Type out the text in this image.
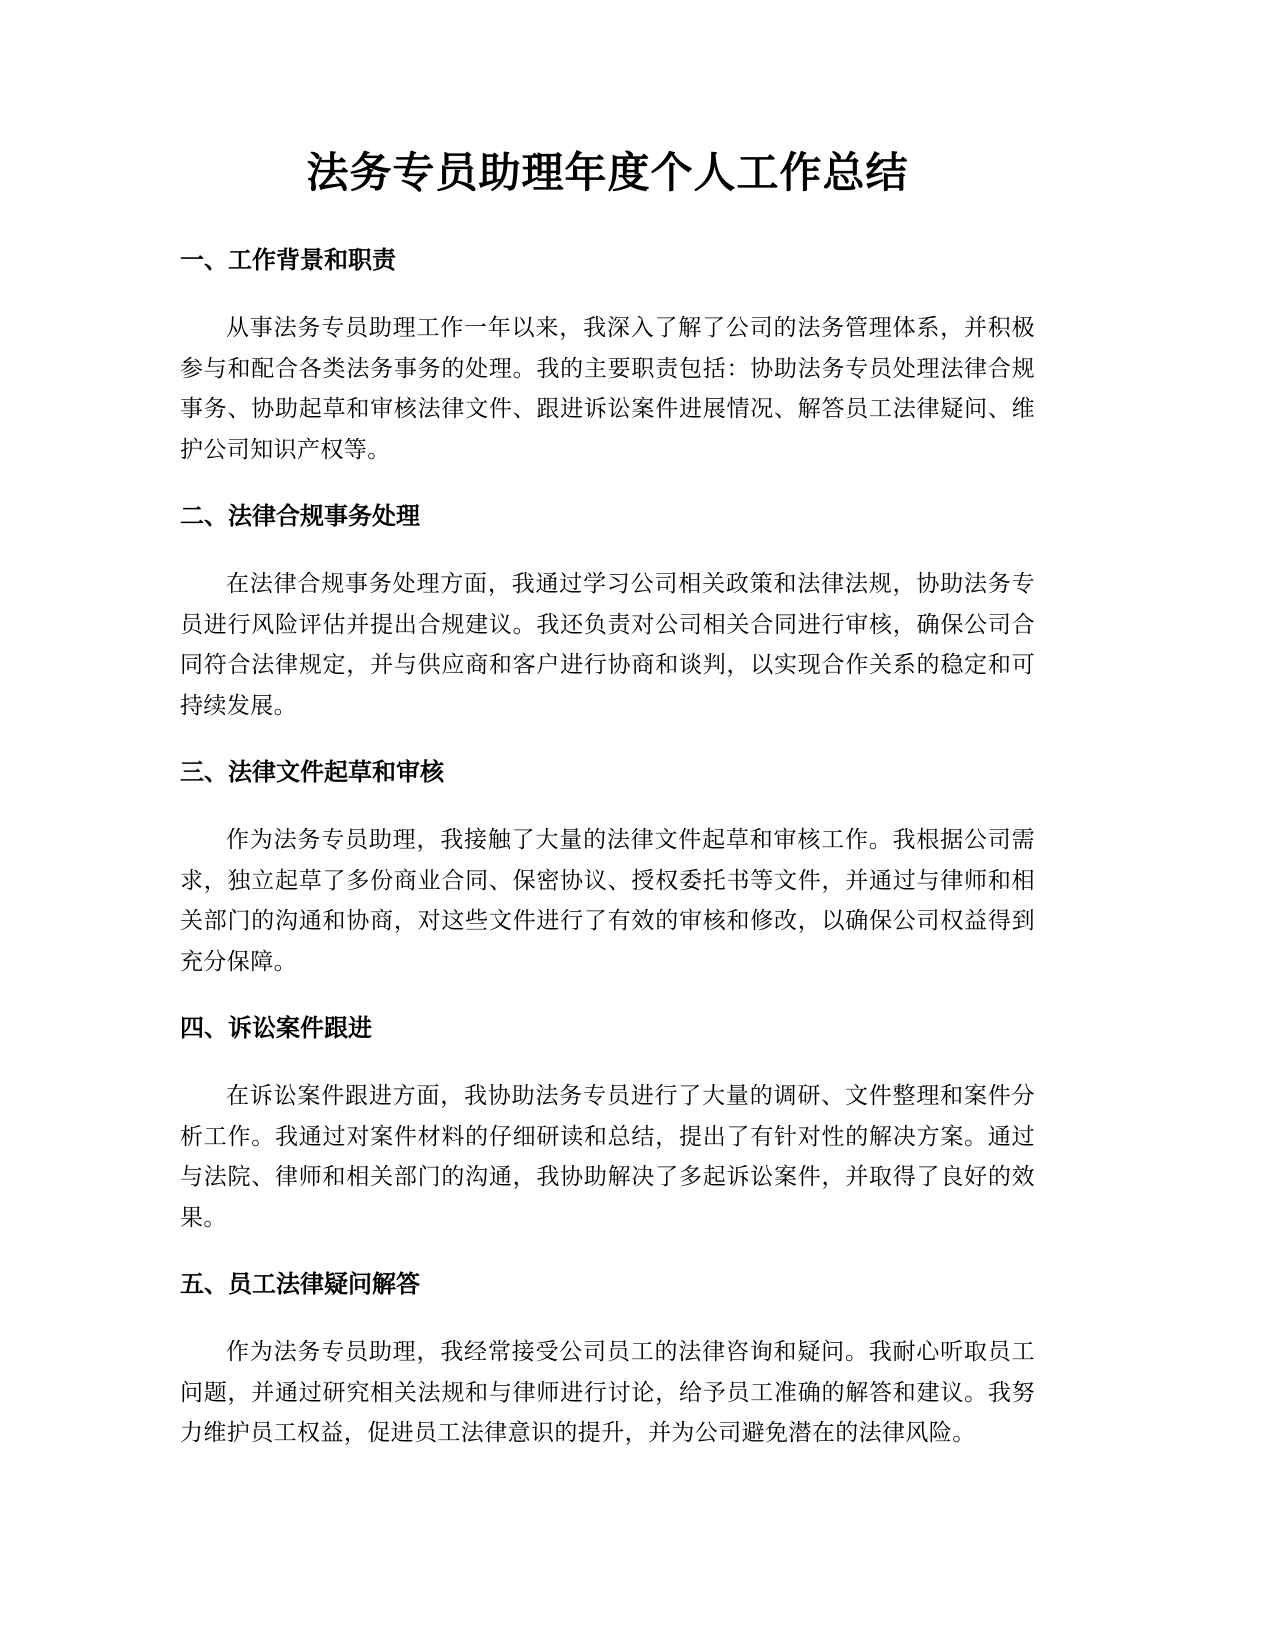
法务专员助理年度个人工作总结
一、工作背景和职责

从事法务专员助理工作一年以来，我深入了解了公司的法务管理体系，并积极参与和配合各类法务事务的处理。我的主要职责包括：协助法务专员处理法律合规事务、协助起草和审核法律文件、跟进诉讼案件进展情况、解答员工法律疑问、维护公司知识产权等。

二、法律合规事务处理

在法律合规事务处理方面，我通过学习公司相关政策和法律法规，协助法务专员进行风险评估并提出合规建议。我还负责对公司相关合同进行审核，确保公司合同符合法律规定，并与供应商和客户进行协商和谈判，以实现合作关系的稳定和可持续发展。

三、法律文件起草和审核

作为法务专员助理，我接触了大量的法律文件起草和审核工作。我根据公司需求，独立起草了多份商业合同、保密协议、授权委托书等文件，并通过与律师和相关部门的沟通和协商，对这些文件进行了有效的审核和修改，以确保公司权益得到充分保障。

四、诉讼案件跟进

在诉讼案件跟进方面，我协助法务专员进行了大量的调研、文件整理和案件分析工作。我通过对案件材料的仔细研读和总结，提出了有针对性的解决方案。通过与法院、律师和相关部门的沟通，我协助解决了多起诉讼案件，并取得了良好的效果。

五、员工法律疑问解答

作为法务专员助理，我经常接受公司员工的法律咨询和疑问。我耐心听取员工问题，并通过研究相关法规和与律师进行讨论，给予员工准确的解答和建议。我努力维护员工权益，促进员工法律意识的提升，并为公司避免潜在的法律风险。
